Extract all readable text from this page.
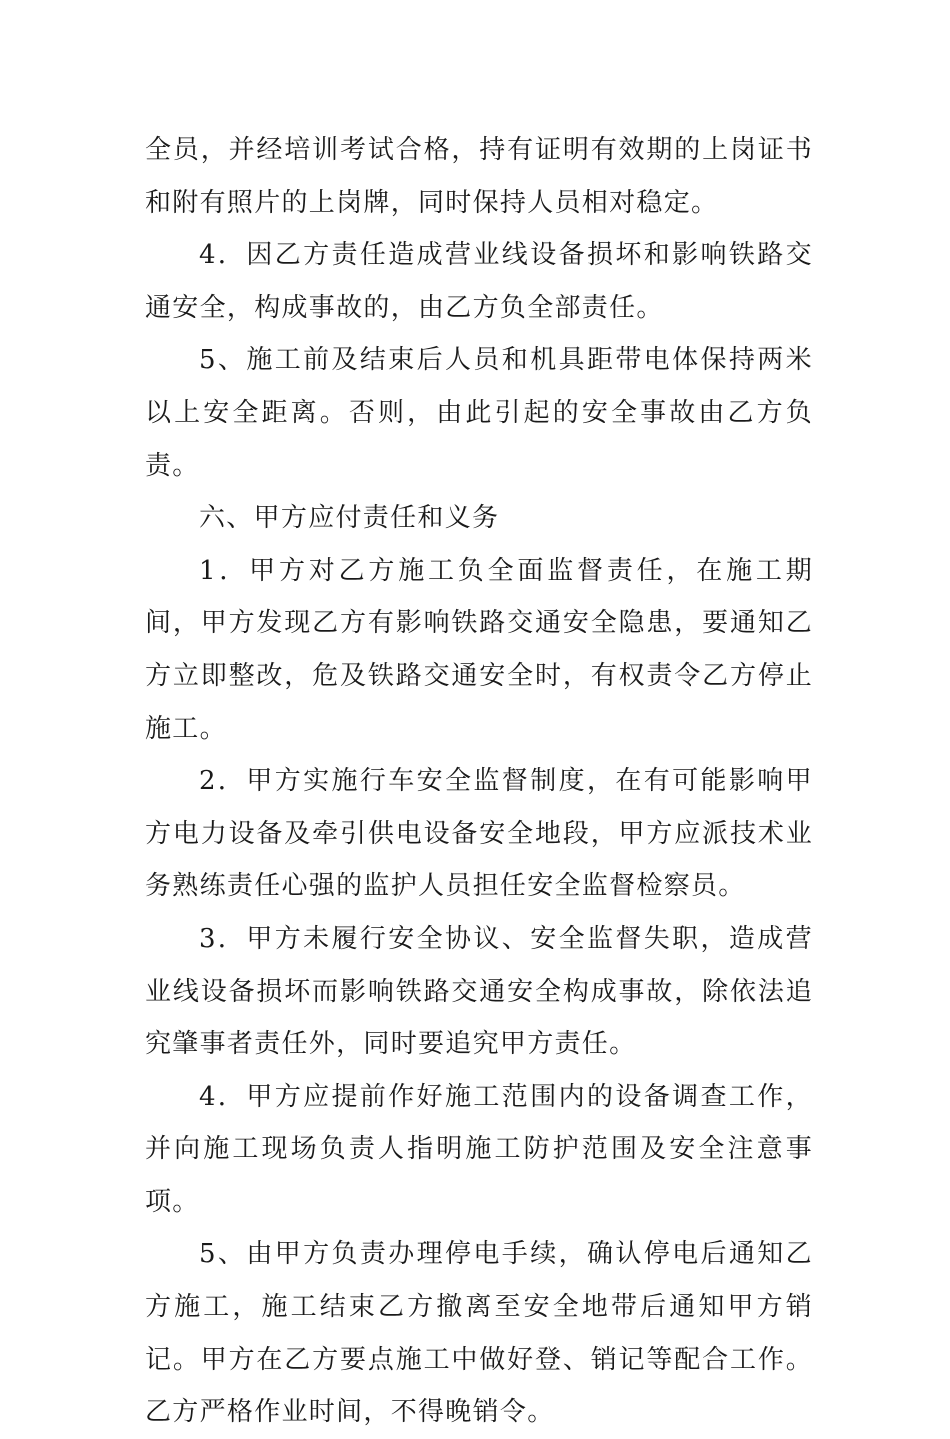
全员，并经培训考试合格，持有证明有效期的上岗证书和附有照片的上岗牌，同时保持人员相对稳定。

4．因乙方责任造成营业线设备损坏和影响铁路交通安全，构成事故的，由乙方负全部责任。

5、施工前及结束后人员和机具距带电体保持两米以上安全距离。否则，由此引起的安全事故由乙方负责。

六、甲方应付责任和义务

1．甲方对乙方施工负全面监督责任，在施工期间，甲方发现乙方有影响铁路交通安全隐患，要通知乙方立即整改，危及铁路交通安全时，有权责令乙方停止施工。

2．甲方实施行车安全监督制度，在有可能影响甲方电力设备及牵引供电设备安全地段，甲方应派技术业务熟练责任心强的监护人员担任安全监督检察员。

3．甲方未履行安全协议、安全监督失职，造成营业线设备损坏而影响铁路交通安全构成事故，除依法追究肇事者责任外，同时要追究甲方责任。

4．甲方应提前作好施工范围内的设备调查工作，并向施工现场负责人指明施工防护范围及安全注意事项。

5、由甲方负责办理停电手续，确认停电后通知乙方施工，施工结束乙方撤离至安全地带后通知甲方销记。甲方在乙方要点施工中做好登、销记等配合工作。乙方严格作业时间，不得晚销令。
